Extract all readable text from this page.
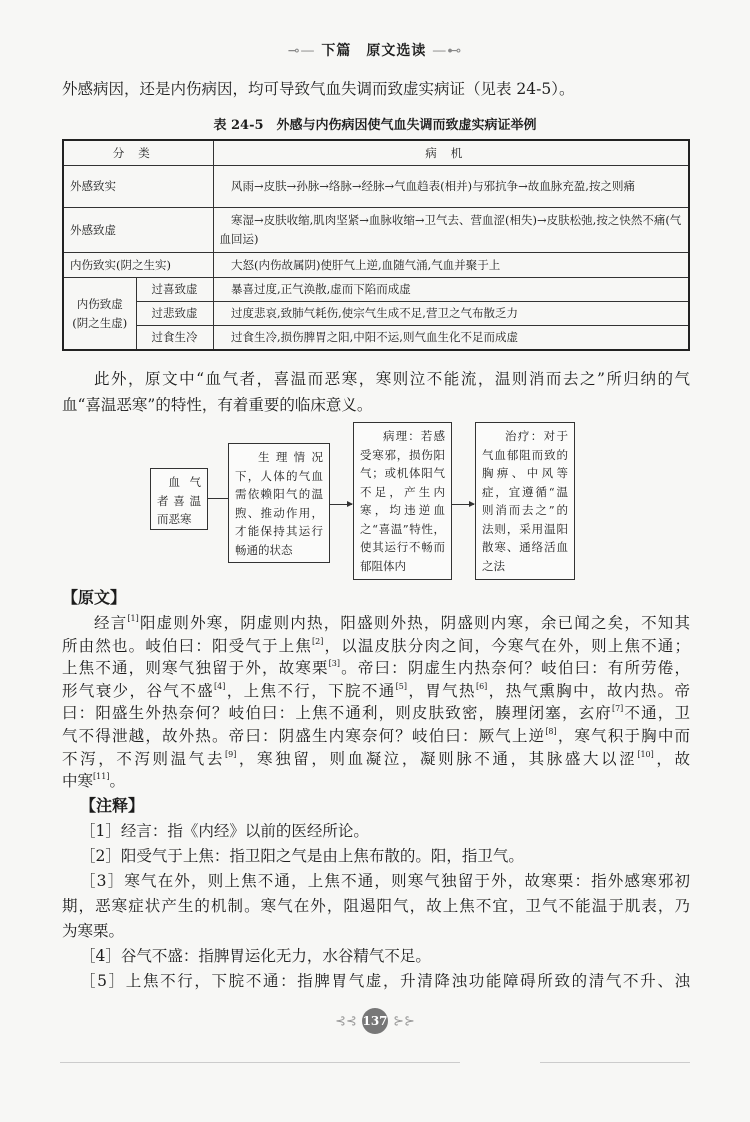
⊸— 下篇　原文选读 —⊷
外感病因，还是内伤病因，均可导致气血失调而致虚实病证（见表 24-5）。
表 24-5　外感与内伤病因使气血失调而致虚实病证举例
分类		病机
外感致实		风雨→皮肤→孙脉→络脉→经脉→气血趋表(相并)与邪抗争→故血脉充盈,按之则痛
外感致虚		寒湿→皮肤收缩,肌肉坚紧→血脉收缩→卫气去、营血涩(相失)→皮肤松弛,按之快然不痛(气血回运)
内伤致实(阴之生实)		大怒(内伤故属阴)使肝气上逆,血随气涌,气血并聚于上
内伤致虚(阴之生虚)	过喜致虚	暴喜过度,正气涣散,虚而下陷而成虚
	过悲致虚	过度悲哀,致肺气耗伤,使宗气生成不足,营卫之气布散乏力
	过食生冷	过食生冷,损伤脾胃之阳,中阳不运,则气血生化不足而成虚
此外，原文中“血气者，喜温而恶寒，寒则泣不能流，温则消而去之”所归纳的气
血“喜温恶寒”的特性，有着重要的临床意义。
血气者喜温而恶寒
生理情况下，人体的气血需依赖阳气的温煦、推动作用，才能保持其运行畅通的状态
病理：若感受寒邪，损伤阳气；或机体阳气不足，产生内寒，均违逆血之“喜温”特性，使其运行不畅而郁阻体内
治疗：对于气血郁阻而致的胸痹、中风等症，宜遵循“温则消而去之”的法则，采用温阳散寒、通络活血之法
【原文】
经言[1]阳虚则外寒，阴虚则内热，阳盛则外热，阴盛则内寒，余已闻之矣，不知其
所由然也。岐伯曰：阳受气于上焦[2]，以温皮肤分肉之间，今寒气在外，则上焦不通；
上焦不通，则寒气独留于外，故寒栗[3]。帝曰：阴虚生内热奈何？岐伯曰：有所劳倦，
形气衰少，谷气不盛[4]，上焦不行，下脘不通[5]，胃气热[6]，热气熏胸中，故内热。帝
曰：阳盛生外热奈何？岐伯曰：上焦不通利，则皮肤致密，腠理闭塞，玄府[7]不通，卫
气不得泄越，故外热。帝曰：阴盛生内寒奈何？岐伯曰：厥气上逆[8]，寒气积于胸中而
不泻，不泻则温气去[9]，寒独留，则血凝泣，凝则脉不通，其脉盛大以涩[10]，故
中寒[11]。
【注释】
［1］经言：指《内经》以前的医经所论。
［2］阳受气于上焦：指卫阳之气是由上焦布散的。阳，指卫气。
［3］寒气在外，则上焦不通，上焦不通，则寒气独留于外，故寒栗：指外感寒邪初
期，恶寒症状产生的机制。寒气在外，阻遏阳气，故上焦不宜，卫气不能温于肌表，乃
为寒栗。
［4］谷气不盛：指脾胃运化无力，水谷精气不足。
［5］上焦不行，下脘不通：指脾胃气虚，升清降浊功能障碍所致的清气不升、浊
⊰⊰ 137 ⊱⊱
